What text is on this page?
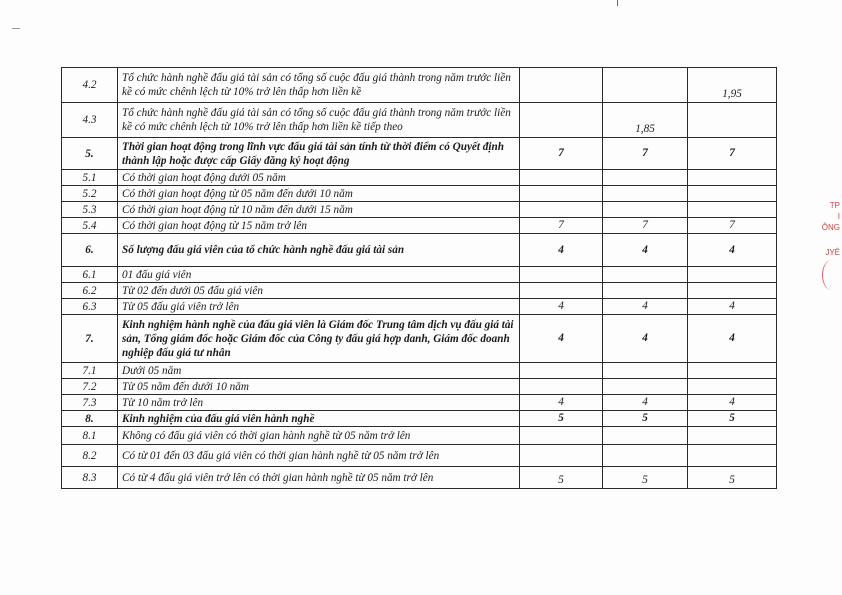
4.2	Tổ chức hành nghề đấu giá tài sản có tổng số cuộc đấu giá thành trong năm trước liền kề có mức chênh lệch từ 10% trở lên thấp hơn liền kề			1,95
4.3	Tổ chức hành nghề đấu giá tài sản có tổng số cuộc đấu giá thành trong năm trước liền kề có mức chênh lệch từ 10% trở lên thấp hơn liền kề tiếp theo		1,85	
5.	Thời gian hoạt động trong lĩnh vực đấu giá tài sản tính từ thời điểm có Quyết định thành lập hoặc được cấp Giấy đăng ký hoạt động	7	7	7
5.1	Có thời gian hoạt động dưới 05 năm			
5.2	Có thời gian hoạt động từ 05 năm đến dưới 10 năm			
5.3	Có thời gian hoạt động từ 10 năm đến dưới 15 năm			
5.4	Có thời gian hoạt động từ 15 năm trở lên	7	7	7
6.	Số lượng đấu giá viên của tổ chức hành nghề đấu giá tài sản	4	4	4
6.1	01 đấu giá viên			
6.2	Từ 02 đến dưới 05 đấu giá viên			
6.3	Từ 05 đấu giá viên trở lên	4	4	4
7.	Kinh nghiệm hành nghề của đấu giá viên là Giám đốc Trung tâm dịch vụ đấu giá tài sản, Tổng giám đốc hoặc Giám đốc của Công ty đấu giá hợp danh, Giám đốc doanh nghiệp đấu giá tư nhân	4	4	4
7.1	Dưới 05 năm			
7.2	Từ 05 năm đến dưới 10 năm			
7.3	Từ 10 năm trở lên	4	4	4
8.	Kinh nghiệm của đấu giá viên hành nghề	5	5	5
8.1	Không có đấu giá viên có thời gian hành nghề từ 05 năm trở lên			
8.2	Có từ 01 đến 03 đấu giá viên có thời gian hành nghề từ 05 năm trở lên			
8.3	Có từ 4 đấu giá viên trở lên có thời gian hành nghề từ 05 năm trở lên	5	5	5
TP
I
ÔNG
JYÊ
